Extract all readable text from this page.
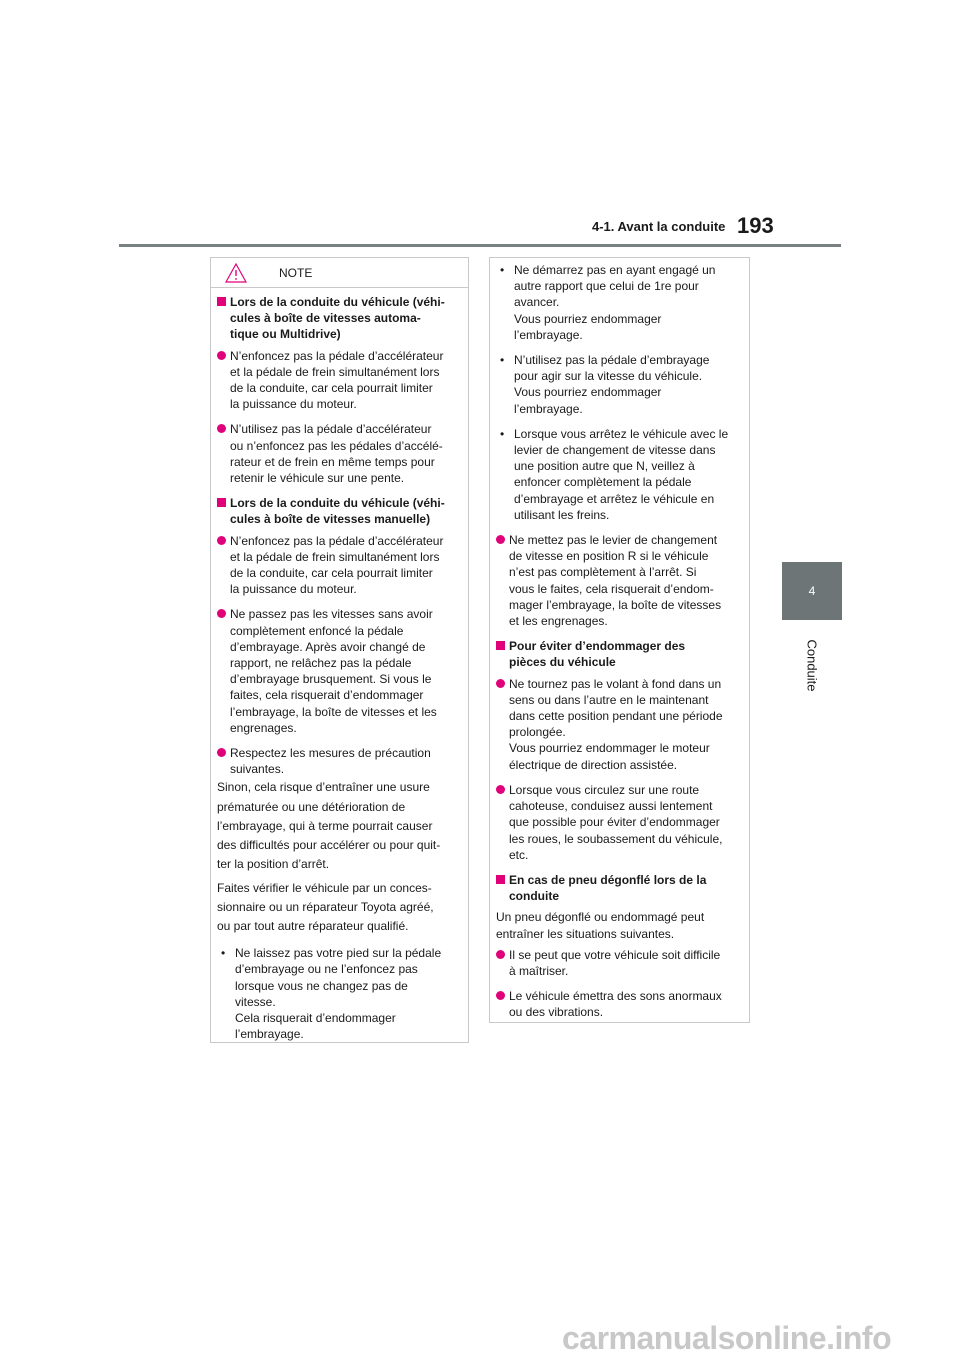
4-1. Avant la conduite 193
4
Conduite
NOTE
Lors de la conduite du véhicule (véhi-
cules à boîte de vitesses automa-
tique ou Multidrive)
N’enfoncez pas la pédale d’accélérateur
et la pédale de frein simultanément lors
de la conduite, car cela pourrait limiter
la puissance du moteur.
N’utilisez pas la pédale d’accélérateur
ou n’enfoncez pas les pédales d’accélé-
rateur et de frein en même temps pour
retenir le véhicule sur une pente.
Lors de la conduite du véhicule (véhi-
cules à boîte de vitesses manuelle)
N’enfoncez pas la pédale d’accélérateur
et la pédale de frein simultanément lors
de la conduite, car cela pourrait limiter
la puissance du moteur.
Ne passez pas les vitesses sans avoir
complètement enfoncé la pédale
d’embrayage. Après avoir changé de
rapport, ne relâchez pas la pédale
d’embrayage brusquement. Si vous le
faites, cela risquerait d’endommager
l’embrayage, la boîte de vitesses et les
engrenages.
Respectez les mesures de précaution
suivantes.
Sinon, cela risque d’entraîner une usure
prématurée ou une détérioration de
l’embrayage, qui à terme pourrait causer
des difficultés pour accélérer ou pour quit-
ter la position d’arrêt.
Faites vérifier le véhicule par un conces-
sionnaire ou un réparateur Toyota agréé,
ou par tout autre réparateur qualifié.
• Ne laissez pas votre pied sur la pédale
d’embrayage ou ne l’enfoncez pas
lorsque vous ne changez pas de
vitesse.
Cela risquerait d’endommager
l’embrayage.
• Ne démarrez pas en ayant engagé un
autre rapport que celui de 1re pour
avancer.
Vous pourriez endommager
l’embrayage.
• N’utilisez pas la pédale d’embrayage
pour agir sur la vitesse du véhicule.
Vous pourriez endommager
l’embrayage.
• Lorsque vous arrêtez le véhicule avec le
levier de changement de vitesse dans
une position autre que N, veillez à
enfoncer complètement la pédale
d’embrayage et arrêtez le véhicule en
utilisant les freins.
Ne mettez pas le levier de changement
de vitesse en position R si le véhicule
n’est pas complètement à l’arrêt. Si
vous le faites, cela risquerait d’endom-
mager l’embrayage, la boîte de vitesses
et les engrenages.
Pour éviter d’endommager des
pièces du véhicule
Ne tournez pas le volant à fond dans un
sens ou dans l’autre en le maintenant
dans cette position pendant une période
prolongée.
Vous pourriez endommager le moteur
électrique de direction assistée.
Lorsque vous circulez sur une route
cahoteuse, conduisez aussi lentement
que possible pour éviter d’endommager
les roues, le soubassement du véhicule,
etc.
En cas de pneu dégonflé lors de la
conduite
Un pneu dégonflé ou endommagé peut
entraîner les situations suivantes.
Il se peut que votre véhicule soit difficile
à maîtriser.
Le véhicule émettra des sons anormaux
ou des vibrations.
carmanualsonline.info
